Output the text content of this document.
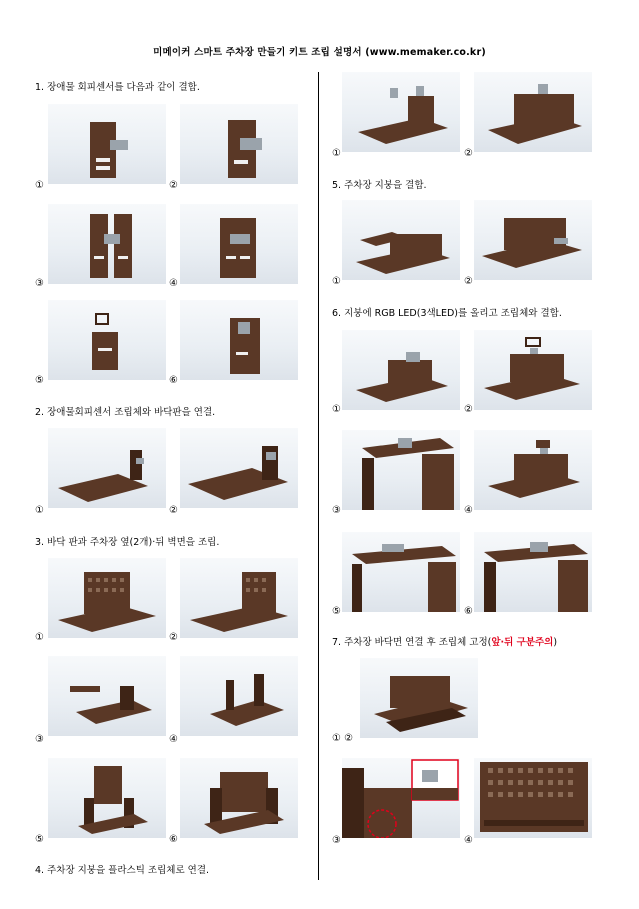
미메이커 스마트 주차장 만들기 키트 조립 설명서 (www.memaker.co.kr)
1. 장애물 회피센서를 다음과 같이 결합.
①	②
③	④
⑤	⑥
2. 장애물회피센서 조립체와 바닥판을 연결.
①	②
3. 바닥 판과 주차장 옆(2개)·뒤 벽면을 조립.
①	②
③	④
⑤	⑥
4. 주차장 지붕을 플라스틱 조립체로 연결.
①	②
5. 주차장 지붕을 결합.
①	②
6. 지붕에 RGB LED(3색LED)를 올리고 조립체와 결합.
①	②
③	④
⑤	⑥
7. 주차장 바닥면 연결 후 조립체 고정(앞·뒤 구분주의)
① ②
③	④
